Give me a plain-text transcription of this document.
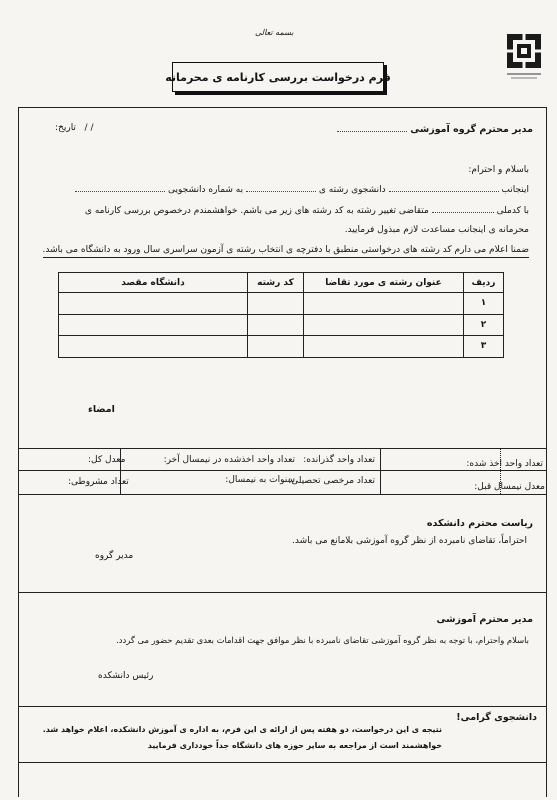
بسمه تعالی
فرم درخواست بررسی کارنامه ی محرمانه
/ /   تاریخ:	مدیر محترم گروه آموزشی
باسلام و احترام:
اینجانب  دانشجوی رشته ی  به شماره دانشجویی
با کدملی  متقاضی تغییر رشته به کد رشته های زیر می باشم. خواهشمندم درخصوص بررسی کارنامه ی
محرمانه ی اینجانب مساعدت لازم مبذول فرمایید.
ضمنا اعلام می دارم کد رشته های درخواستی منطبق با دفترچه ی انتخاب رشته ی آزمون سراسری سال ورود به دانشگاه می باشد.
ردیف	عنوان رشته ی مورد تقاضا	کد رشته	دانشگاه مقصد
۱			
۲			
۳			
امضاء
تعداد واحد اخذ شده:
تعداد واحد گذرانده:
تعداد واحد اخذشده در نیمسال آخر:
معدل کل:
معدل نیمسال قبل:
تعداد مرخصی تحصیلی:
سنوات به نیمسال:
تعداد مشروطی:
ریاست محترم دانشکده
احتراماً، تقاضای نامبرده از نظر گروه آموزشی بلامانع می باشد.
مدیر گروه
مدیر محترم آموزشی
باسلام واحترام، با توجه به نظر گروه آموزشی تقاضای نامبرده با نظر موافق جهت اقدامات بعدی تقدیم حضور می گردد.
رئیس دانشکده
دانشجوی گرامی!
نتیجه ی این درخواست، دو هفته پس از ارائه ی این فرم، به اداره ی آموزش دانشکده، اعلام خواهد شد.
خواهشمند است از مراجعه به سایر حوزه های دانشگاه جداً خودداری فرمایید
